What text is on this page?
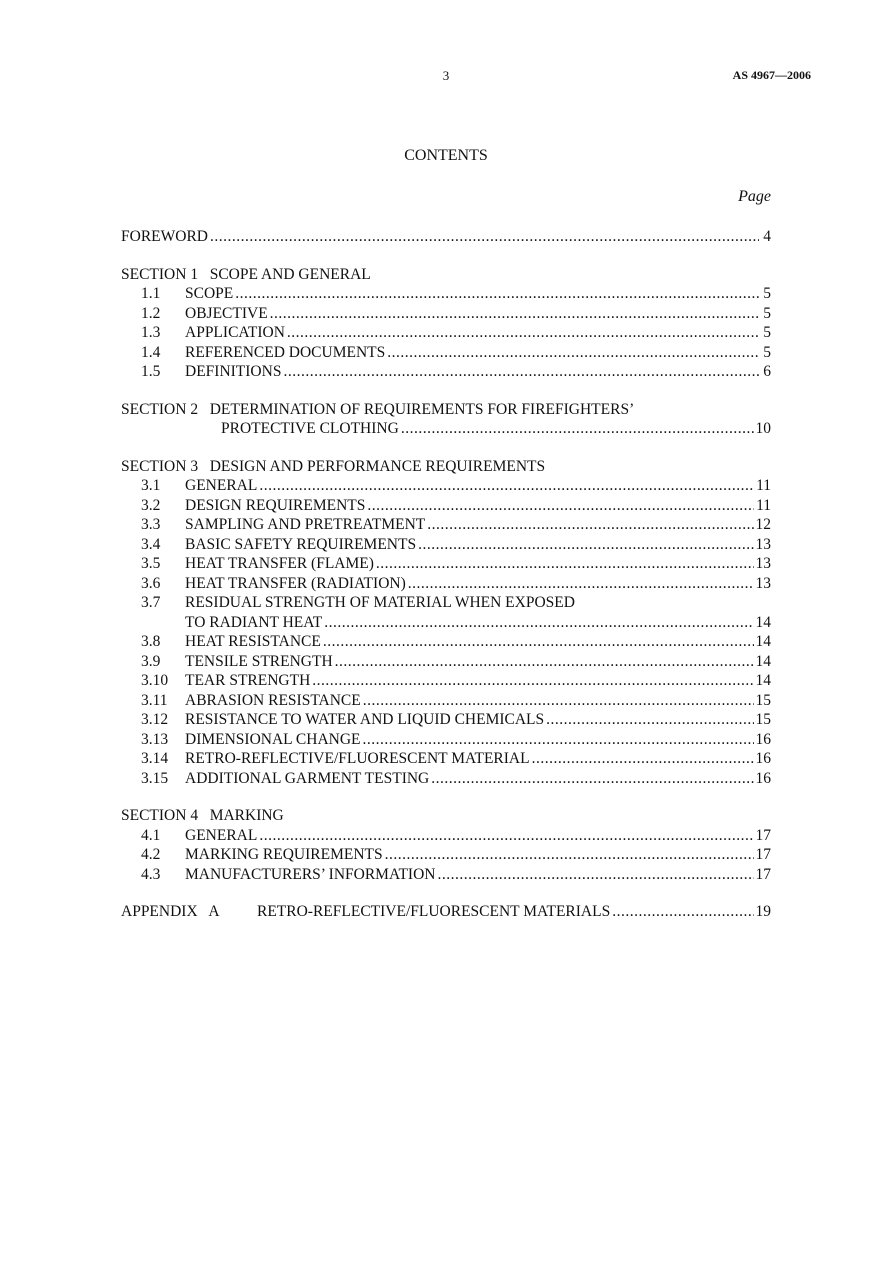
3	AS 4967—2006
CONTENTS
Page
FOREWORD .....	4
SECTION 1   SCOPE AND GENERAL
1.1	SCOPE .....	5
1.2	OBJECTIVE .....	5
1.3	APPLICATION .....	5
1.4	REFERENCED DOCUMENTS .....	5
1.5	DEFINITIONS .....	6
SECTION 2   DETERMINATION OF REQUIREMENTS FOR FIREFIGHTERS’
PROTECTIVE CLOTHING .....	10
SECTION 3   DESIGN AND PERFORMANCE REQUIREMENTS
3.1	GENERAL .....	11
3.2	DESIGN REQUIREMENTS .....	11
3.3	SAMPLING AND PRETREATMENT .....	12
3.4	BASIC SAFETY REQUIREMENTS .....	13
3.5	HEAT TRANSFER (FLAME) .....	13
3.6	HEAT TRANSFER (RADIATION) .....	13
3.7	RESIDUAL STRENGTH OF MATERIAL WHEN EXPOSED
TO RADIANT HEAT .....	14
3.8	HEAT RESISTANCE .....	14
3.9	TENSILE STRENGTH .....	14
3.10	TEAR STRENGTH .....	14
3.11	ABRASION RESISTANCE .....	15
3.12	RESISTANCE TO WATER AND LIQUID CHEMICALS .....	15
3.13	DIMENSIONAL CHANGE .....	16
3.14	RETRO-REFLECTIVE/FLUORESCENT MATERIAL .....	16
3.15	ADDITIONAL GARMENT TESTING .....	16
SECTION 4   MARKING
4.1	GENERAL .....	17
4.2	MARKING REQUIREMENTS .....	17
4.3	MANUFACTURERS’ INFORMATION .....	17
APPENDIX   A	RETRO-REFLECTIVE/FLUORESCENT MATERIALS .....	19
